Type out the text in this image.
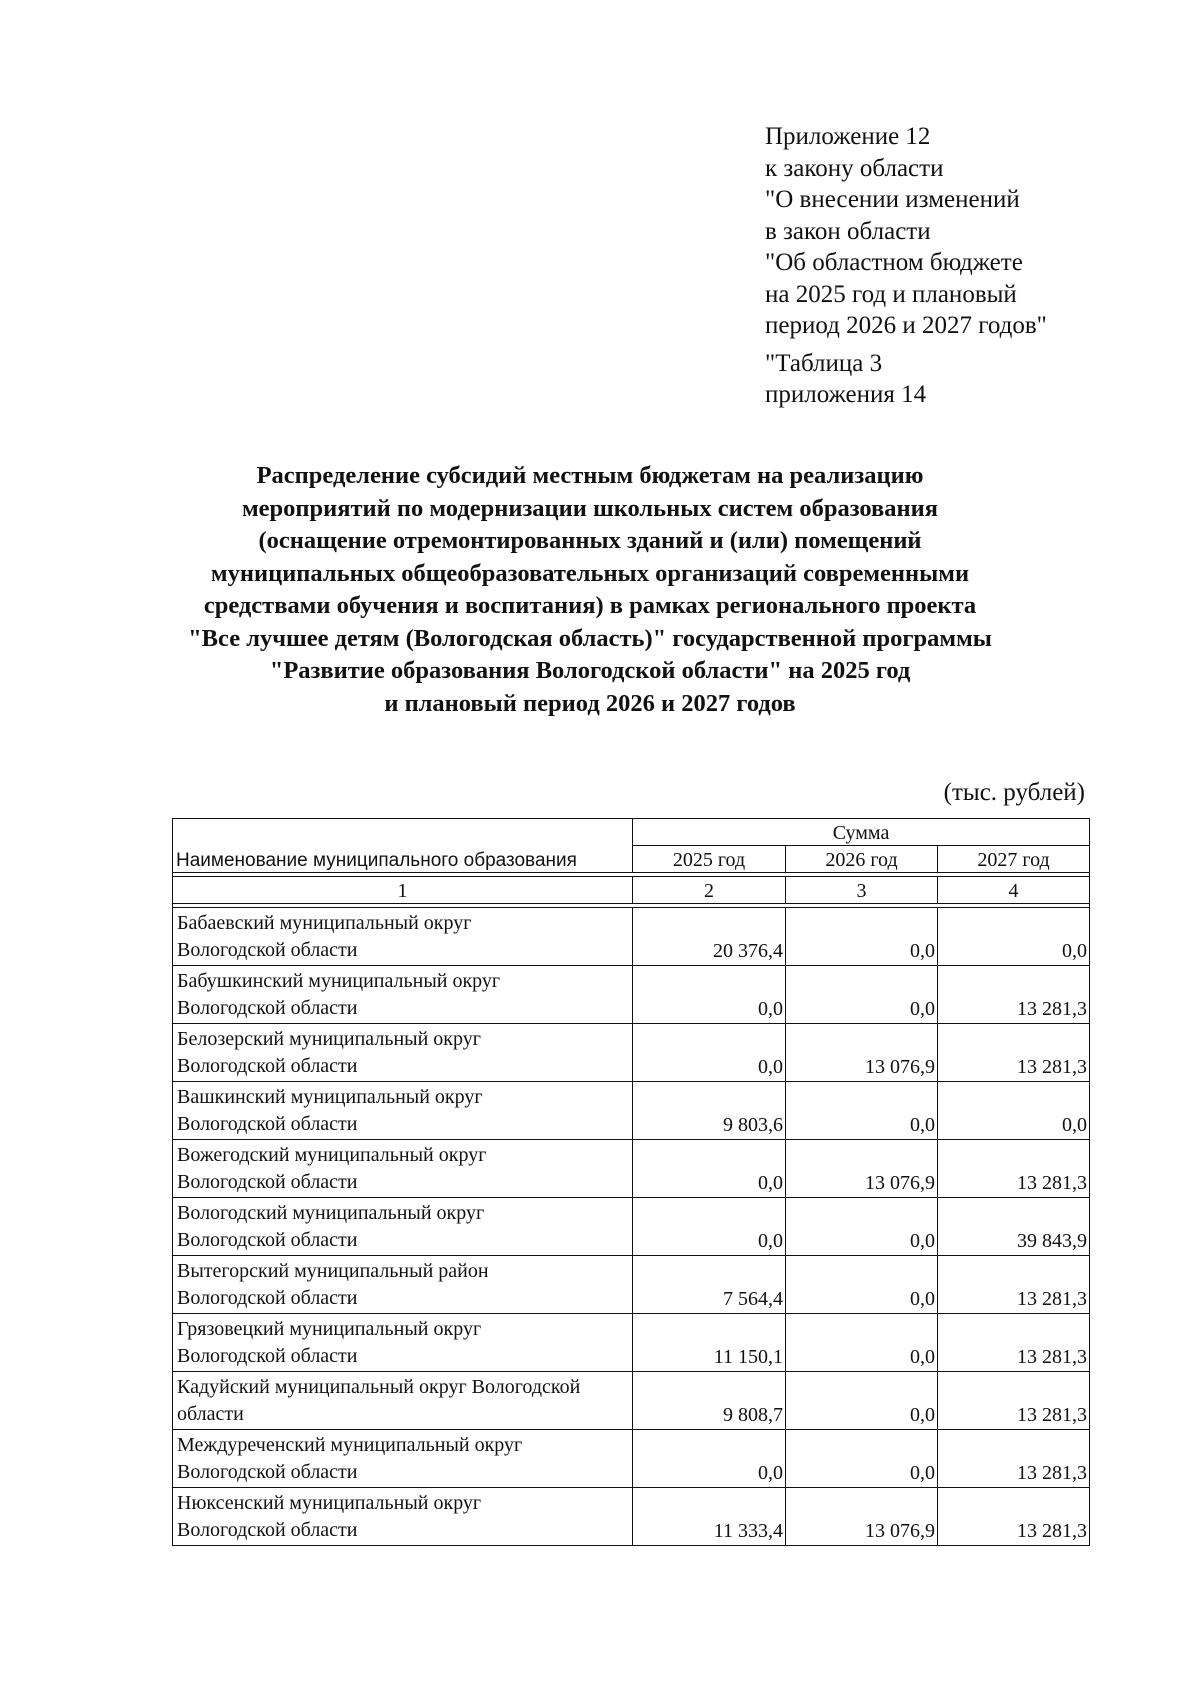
Приложение 12
к закону области
"О внесении изменений
в закон области
"Об областном бюджете
на 2025 год и плановый
период 2026 и 2027 годов"
"Таблица 3
приложения 14
Распределение субсидий местным бюджетам на реализацию
мероприятий по модернизации школьных систем образования
(оснащение отремонтированных зданий и (или) помещений
муниципальных общеобразовательных организаций современными
средствами обучения и воспитания) в рамках регионального проекта
"Все лучшее детям (Вологодская область)" государственной программы
"Развитие образования Вологодской области" на 2025 год
и плановый период 2026 и 2027 годов
(тыс. рублей)
Наименование муниципального образования	Сумма		
	2025 год	2026 год	2027 год

1	2	3	4

Бабаевский муниципальный округ
Вологодской области	20 376,4	0,0	0,0

Бабушкинский муниципальный округ
Вологодской области	0,0	0,0	13 281,3

Белозерский муниципальный округ
Вологодской области	0,0	13 076,9	13 281,3

Вашкинский муниципальный округ
Вологодской области	9 803,6	0,0	0,0

Вожегодский муниципальный округ
Вологодской области	0,0	13 076,9	13 281,3

Вологодский муниципальный округ
Вологодской области	0,0	0,0	39 843,9

Вытегорский муниципальный район
Вологодской области	7 564,4	0,0	13 281,3

Грязовецкий муниципальный округ
Вологодской области	11 150,1	0,0	13 281,3

Кадуйский муниципальный округ Вологодской
области	9 808,7	0,0	13 281,3

Междуреченский муниципальный округ
Вологодской области	0,0	0,0	13 281,3

Нюксенский муниципальный округ
Вологодской области	11 333,4	13 076,9	13 281,3
